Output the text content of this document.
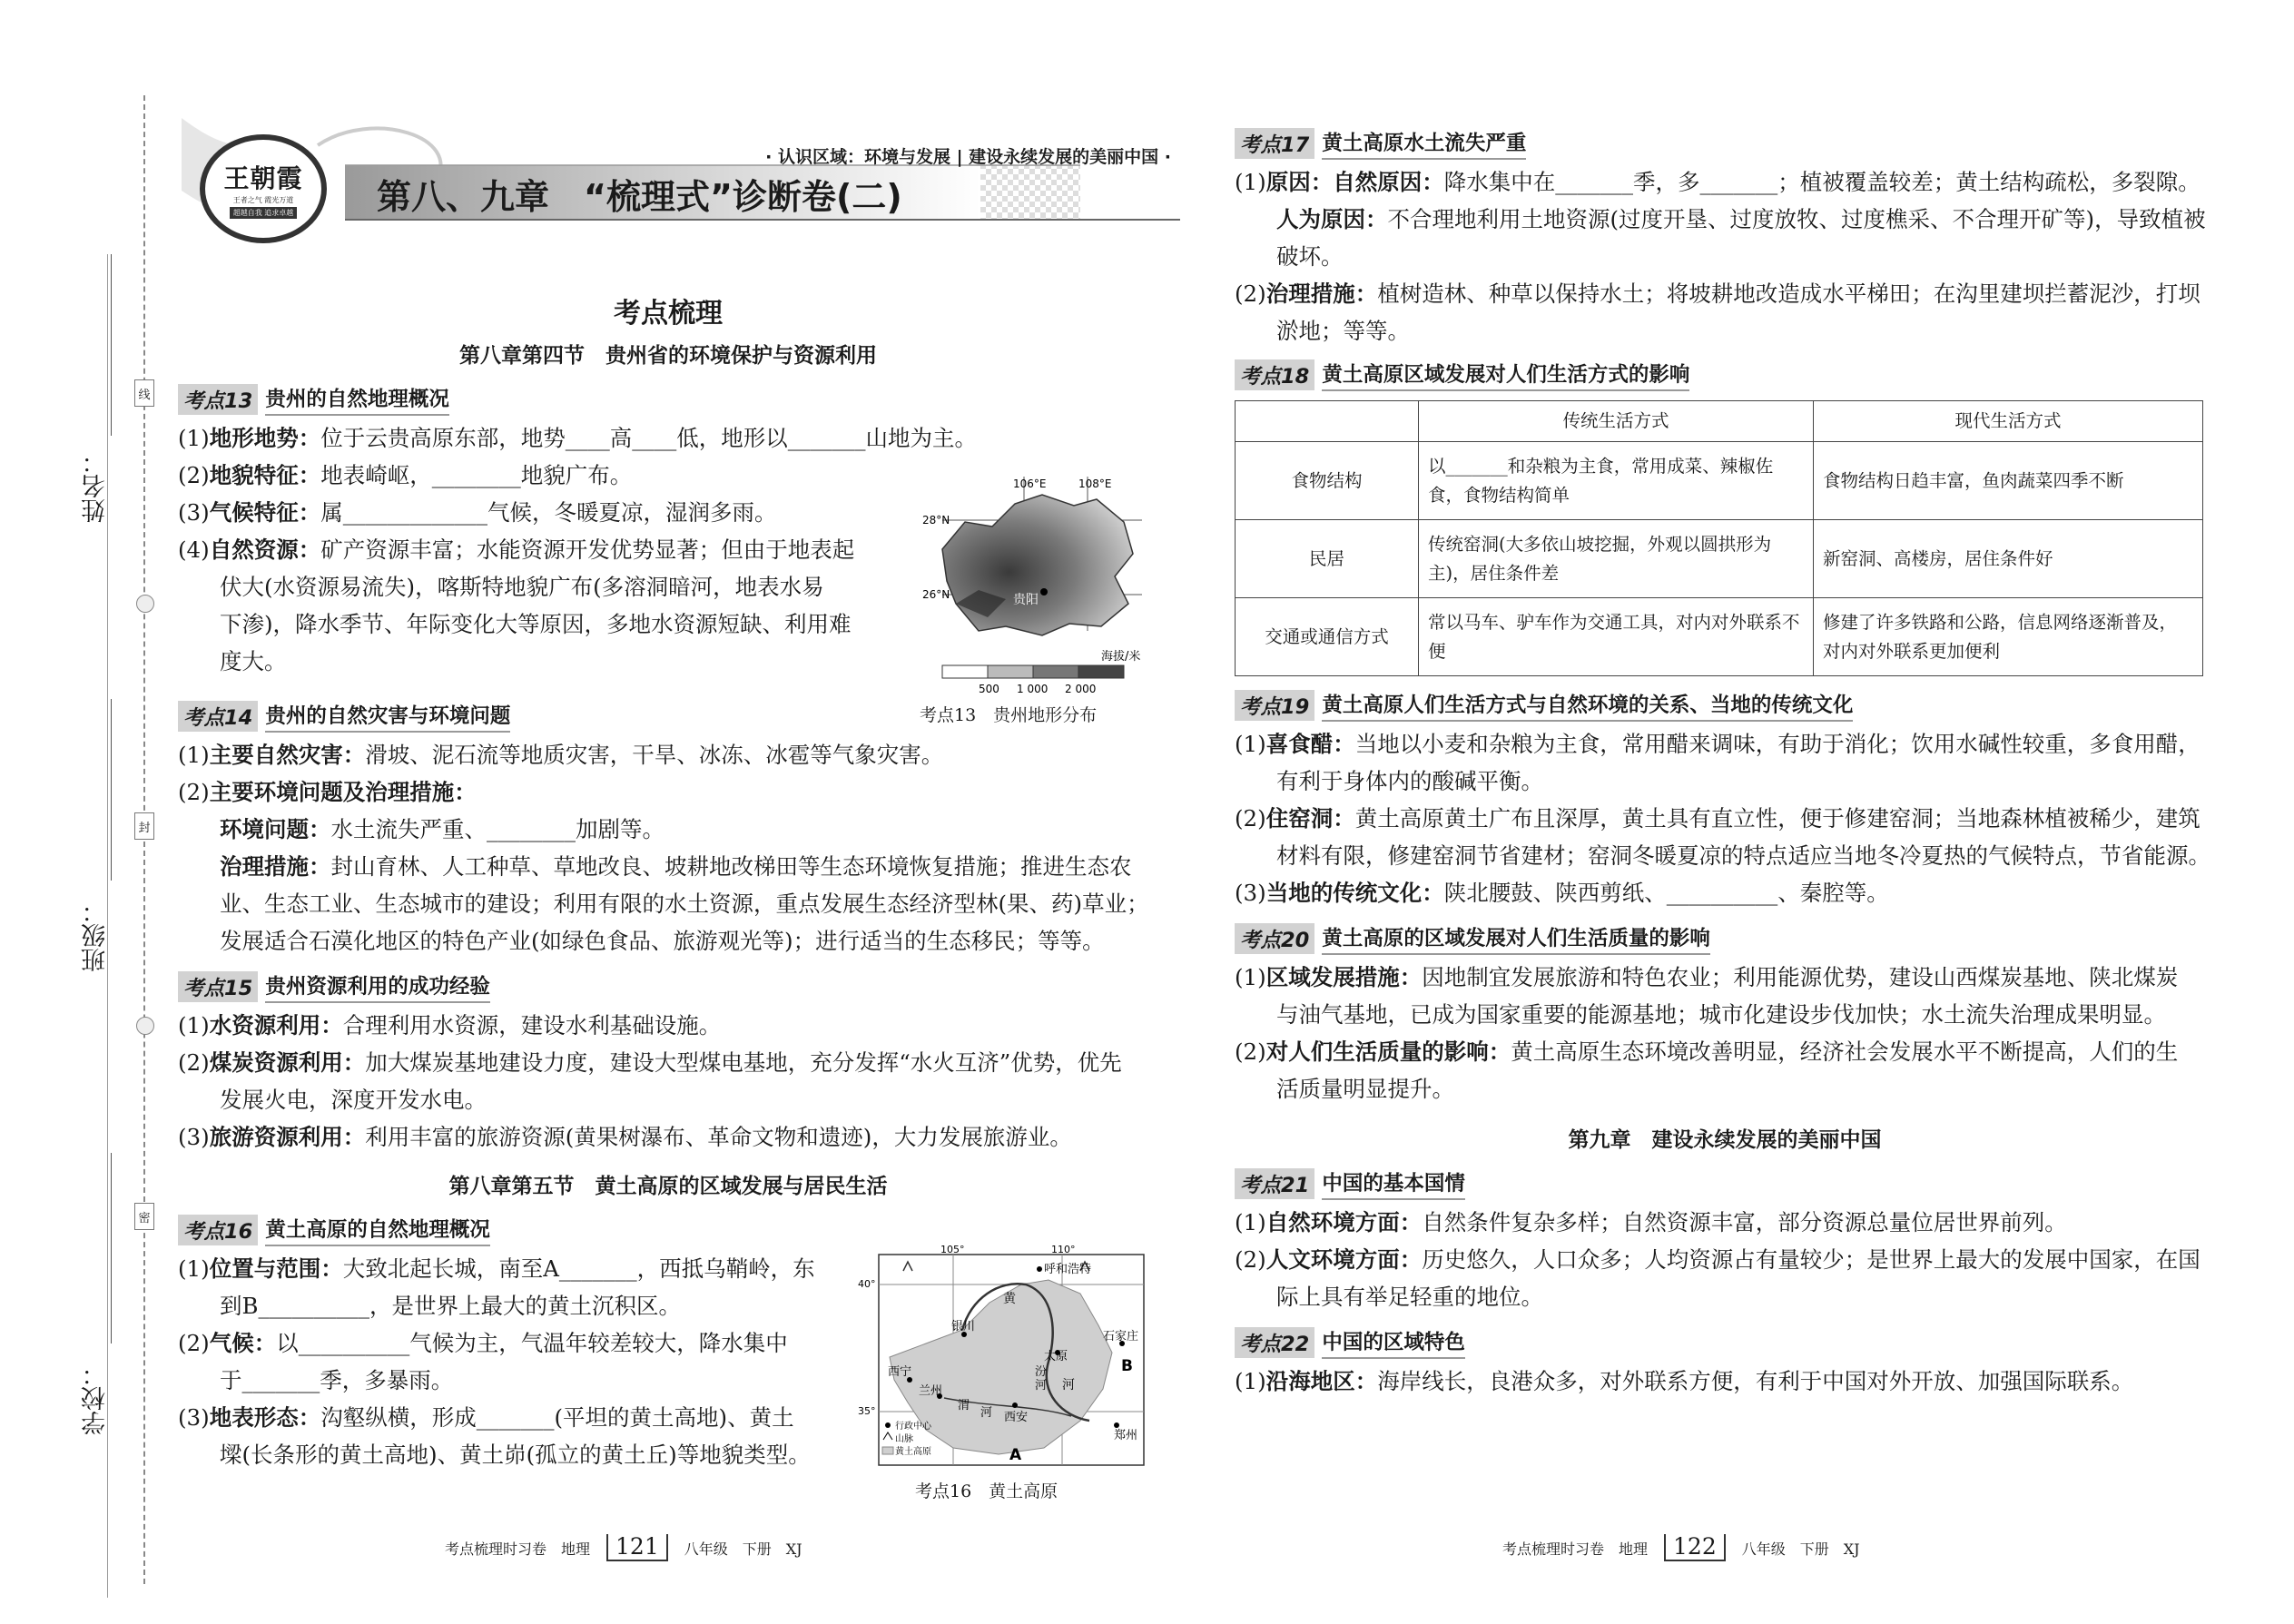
线
封
密
姓名：
班级：
学校：
王朝霞
王者之气 霞光万道
超越自我 追求卓越
· 认识区域：环境与发展 | 建设永续发展的美丽中国 ·
第八、九章　“梳理式”诊断卷(二)
考点梳理
第八章第四节　贵州省的环境保护与资源利用
考点13 贵州的自然地理概况
(1)地形地势：位于云贵高原东部，地势____高____低，地形以_______山地为主。
(2)地貌特征：地表崎岖，________地貌广布。
(3)气候特征：属_____________气候，冬暖夏凉，湿润多雨。
(4)自然资源：矿产资源丰富；水能资源开发优势显著；但由于地表起
伏大(水资源易流失)，喀斯特地貌广布(多溶洞暗河，地表水易
下渗)，降水季节、年际变化大等原因，多地水资源短缺、利用难
度大。
考点14 贵州的自然灾害与环境问题
(1)主要自然灾害：滑坡、泥石流等地质灾害，干旱、冰冻、冰雹等气象灾害。
(2)主要环境问题及治理措施：
环境问题：水土流失严重、________加剧等。
治理措施：封山育林、人工种草、草地改良、坡耕地改梯田等生态环境恢复措施；推进生态农
业、生态工业、生态城市的建设；利用有限的水土资源，重点发展生态经济型林(果、药)草业；
发展适合石漠化地区的特色产业(如绿色食品、旅游观光等)；进行适当的生态移民；等等。
考点15 贵州资源利用的成功经验
(1)水资源利用：合理利用水资源，建设水利基础设施。
(2)煤炭资源利用：加大煤炭基地建设力度，建设大型煤电基地，充分发挥“水火互济”优势，优先
发展火电，深度开发水电。
(3)旅游资源利用：利用丰富的旅游资源(黄果树瀑布、革命文物和遗迹)，大力发展旅游业。
第八章第五节　黄土高原的区域发展与居民生活
考点16 黄土高原的自然地理概况
(1)位置与范围：大致北起长城，南至A_______，西抵乌鞘岭，东
到B__________，是世界上最大的黄土沉积区。
(2)气候：以__________气候为主，气温年较差较大，降水集中
于_______季，多暴雨。
(3)地表形态：沟壑纵横，形成_______(平坦的黄土高地)、黄土
墚(长条形的黄土高地)、黄土峁(孤立的黄土丘)等地貌类型。
106°E	108°E
28°N
26°N	贵阳
海拔/米
500 1 000 2 000
考点13　贵州地形分布
105°	110°
40°
35°
呼和浩特
银川
兰州
西宁
西安
郑州
太原
石家庄
黄
河
渭
河
汾
河
A
B
行政中心
山脉
黄土高原
考点16　黄土高原
考点梳理时习卷　地理	121	八年级　下册　XJ
考点17 黄土高原水土流失严重
(1)原因：自然原因：降水集中在_______季，多_______；植被覆盖较差；黄土结构疏松，多裂隙。
人为原因：不合理地利用土地资源(过度开垦、过度放牧、过度樵采、不合理开矿等)，导致植被
破坏。
(2)治理措施：植树造林、种草以保持水土；将坡耕地改造成水平梯田；在沟里建坝拦蓄泥沙，打坝
淤地；等等。
考点18 黄土高原区域发展对人们生活方式的影响
	传统生活方式	现代生活方式
食物结构	以_______和杂粮为主食，常用成菜、辣椒佐食，食物结构简单	食物结构日趋丰富，鱼肉蔬菜四季不断
民居	传统窑洞(大多依山坡挖掘，外观以圆拱形为主)，居住条件差	新窑洞、高楼房，居住条件好
交通或通信方式	常以马车、驴车作为交通工具，对内对外联系不便	修建了许多铁路和公路，信息网络逐渐普及，对内对外联系更加便利
考点19 黄土高原人们生活方式与自然环境的关系、当地的传统文化
(1)喜食醋：当地以小麦和杂粮为主食，常用醋来调味，有助于消化；饮用水碱性较重，多食用醋，
有利于身体内的酸碱平衡。
(2)住窑洞：黄土高原黄土广布且深厚，黄土具有直立性，便于修建窑洞；当地森林植被稀少，建筑
材料有限，修建窑洞节省建材；窑洞冬暖夏凉的特点适应当地冬冷夏热的气候特点，节省能源。
(3)当地的传统文化：陕北腰鼓、陕西剪纸、__________、秦腔等。
考点20 黄土高原的区域发展对人们生活质量的影响
(1)区域发展措施：因地制宜发展旅游和特色农业；利用能源优势，建设山西煤炭基地、陕北煤炭
与油气基地，已成为国家重要的能源基地；城市化建设步伐加快；水土流失治理成果明显。
(2)对人们生活质量的影响：黄土高原生态环境改善明显，经济社会发展水平不断提高，人们的生
活质量明显提升。
第九章　建设永续发展的美丽中国
考点21 中国的基本国情
(1)自然环境方面：自然条件复杂多样；自然资源丰富，部分资源总量位居世界前列。
(2)人文环境方面：历史悠久，人口众多；人均资源占有量较少；是世界上最大的发展中国家，在国
际上具有举足轻重的地位。
考点22 中国的区域特色
(1)沿海地区：海岸线长，良港众多，对外联系方便，有利于中国对外开放、加强国际联系。
考点梳理时习卷　地理	122	八年级　下册　XJ
